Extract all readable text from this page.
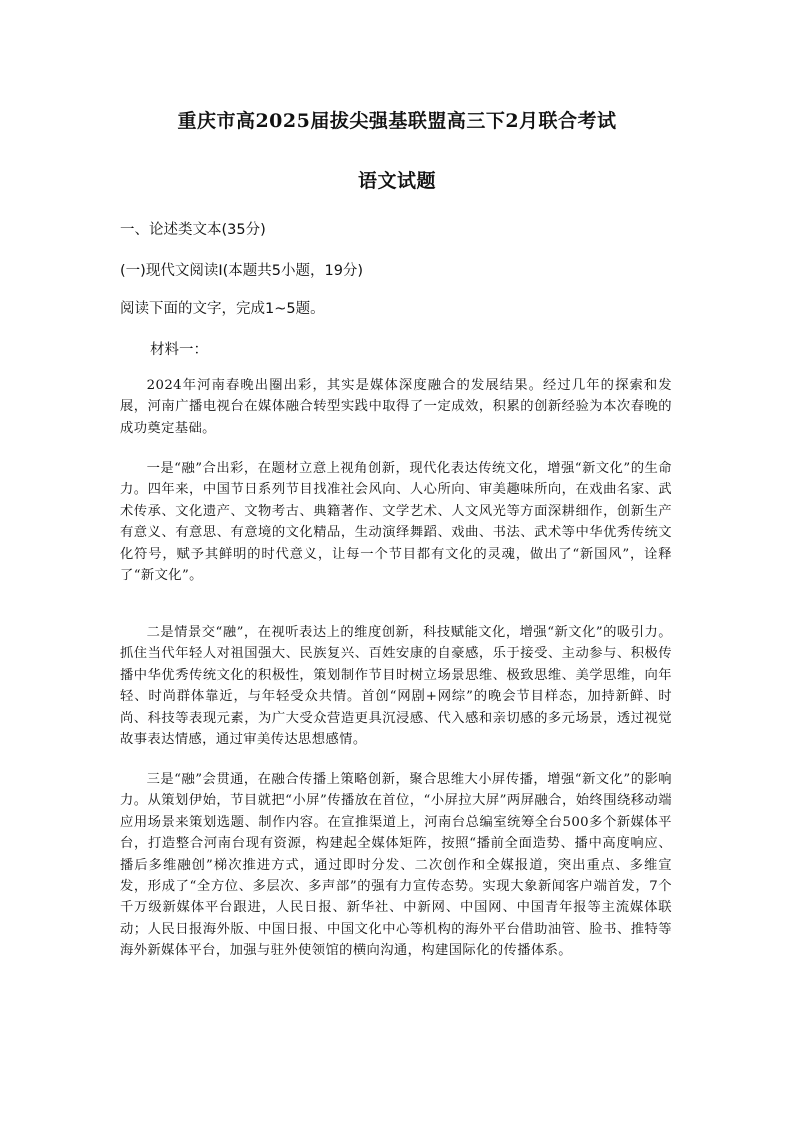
重庆市高2025届拔尖强基联盟高三下2月联合考试
语文试题
一、论述类文本(35分)
(一)现代文阅读Ⅰ(本题共5小题，19分)
阅读下面的文字，完成1~5题。
材料一：

2024年河南春晚出圈出彩，其实是媒体深度融合的发展结果。经过几年的探索和发展，河南广播电视台在媒体融合转型实践中取得了一定成效，积累的创新经验为本次春晚的成功奠定基础。

一是“融”合出彩，在题材立意上视角创新，现代化表达传统文化，增强“新文化”的生命力。四年来，中国节日系列节目找准社会风向、人心所向、审美趣味所向，在戏曲名家、武术传承、文化遗产、文物考古、典籍著作、文学艺术、人文风光等方面深耕细作，创新生产有意义、有意思、有意境的文化精品，生动演绎舞蹈、戏曲、书法、武术等中华优秀传统文化符号，赋予其鲜明的时代意义，让每一个节目都有文化的灵魂，做出了“新国风”，诠释了“新文化”。

二是情景交“融”，在视听表达上的维度创新，科技赋能文化，增强“新文化”的吸引力。抓住当代年轻人对祖国强大、民族复兴、百姓安康的自豪感，乐于接受、主动参与、积极传播中华优秀传统文化的积极性，策划制作节目时树立场景思维、极致思维、美学思维，向年轻、时尚群体靠近，与年轻受众共情。首创“网剧+网综”的晚会节目样态，加持新鲜、时尚、科技等表现元素，为广大受众营造更具沉浸感、代入感和亲切感的多元场景，透过视觉故事表达情感，通过审美传达思想感情。

三是“融”会贯通，在融合传播上策略创新，聚合思维大小屏传播，增强“新文化”的影响力。从策划伊始，节目就把“小屏”传播放在首位，“小屏拉大屏”两屏融合，始终围绕移动端应用场景来策划选题、制作内容。在宣推渠道上，河南台总编室统筹全台500多个新媒体平台，打造整合河南台现有资源，构建起全媒体矩阵，按照“播前全面造势、播中高度响应、播后多维融创”梯次推进方式，通过即时分发、二次创作和全媒报道，突出重点、多维宣发，形成了“全方位、多层次、多声部”的强有力宣传态势。实现大象新闻客户端首发，7个千万级新媒体平台跟进，人民日报、新华社、中新网、中国网、中国青年报等主流媒体联动；人民日报海外版、中国日报、中国文化中心等机构的海外平台借助油管、脸书、推特等海外新媒体平台，加强与驻外使领馆的横向沟通，构建国际化的传播体系。
